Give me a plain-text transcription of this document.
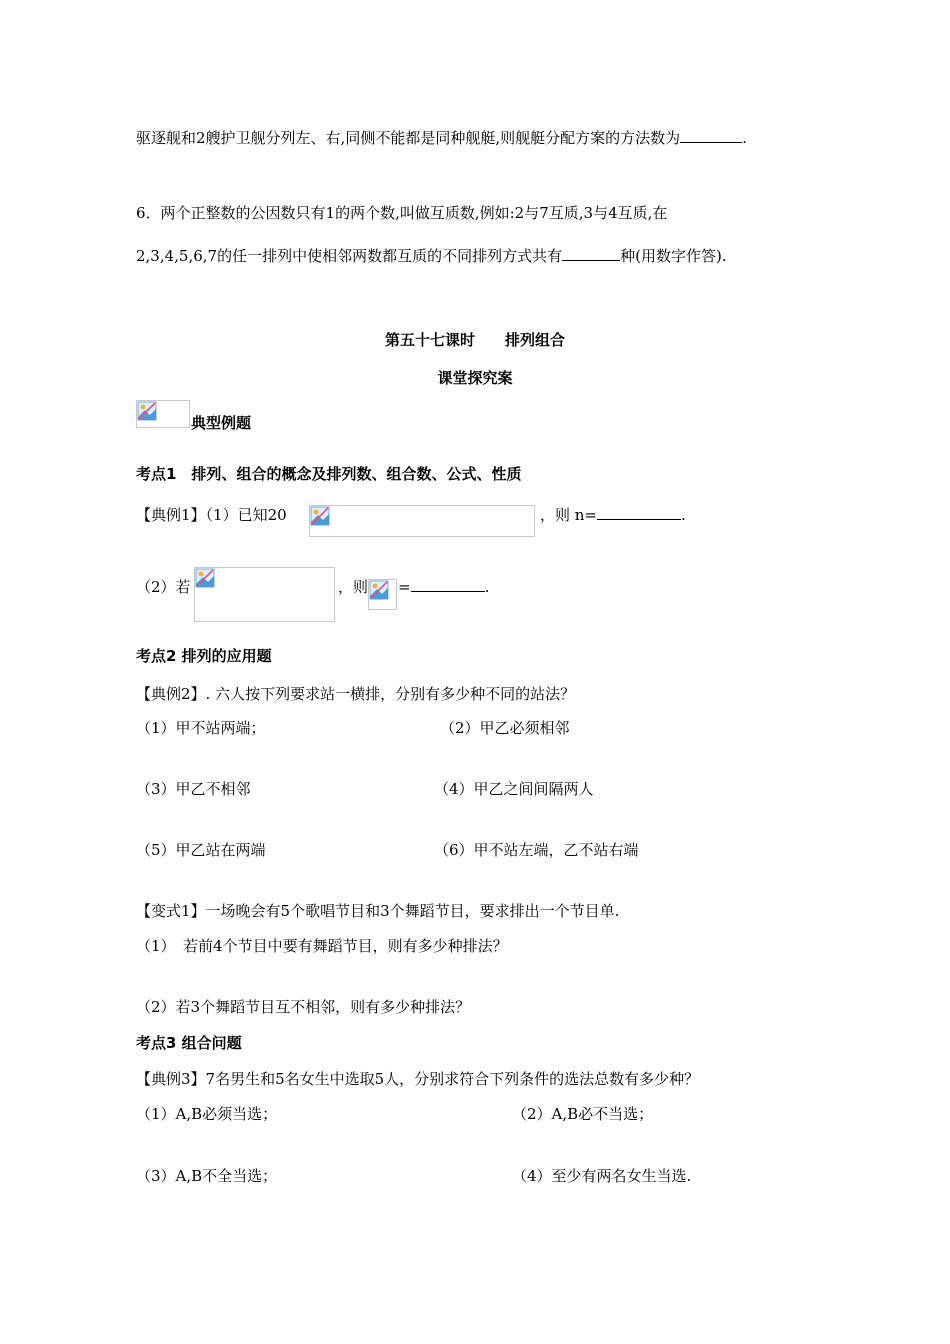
驱逐舰和2艘护卫舰分列左、右,同侧不能都是同种舰艇,则舰艇分配方案的方法数为	.
6．两个正整数的公因数只有1的两个数,叫做互质数,例如:2与7互质,3与4互质,在
2,3,4,5,6,7的任一排列中使相邻两数都互质的不同排列方式共有	种(用数字作答).
第五十七课时　　排列组合
课堂探究案
典型例题
考点1　排列、组合的概念及排列数、组合数、公式、性质
【典例1】（1）已知20	，则 n=	.
（2）若	，则 =	.
考点2 排列的应用题
【典例2】. 六人按下列要求站一横排，分别有多少种不同的站法？
（1）甲不站两端；	（2）甲乙必须相邻
（3）甲乙不相邻	（4）甲乙之间间隔两人
（5）甲乙站在两端	（6）甲不站左端，乙不站右端
【变式1】一场晚会有5个歌唱节目和3个舞蹈节目，要求排出一个节目单.
（1）　若前4个节目中要有舞蹈节目，则有多少种排法？
（2）若3个舞蹈节目互不相邻，则有多少种排法？
考点3 组合问题
【典例3】7名男生和5名女生中选取5人，分别求符合下列条件的选法总数有多少种？
（1）A,B必须当选；	（2）A,B必不当选；
（3）A,B不全当选；	（4）至少有两名女生当选.
